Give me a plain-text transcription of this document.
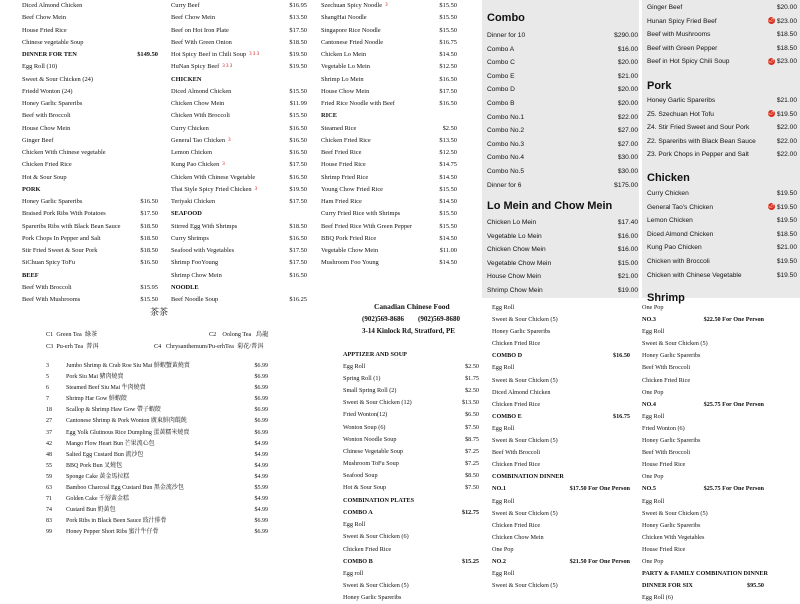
Diced Almond Chicken
Beef Chow Mein
House Fried Rice
Chinese vegetable Soup
DINNER FOR TEN	$149.50
Egg Roll (10)
Sweet & Sour Chicken (24)
Friedd Wonton (24)
Honey Garlic Spareribs
Beef with Broccoli
House Chow Mein
Ginger Beef
Chicken With Chinese vegetable
Chicken Fried Rice
Hot & Sour Soup
PORK
Honey Garlic Spareribs	$16.50
Braised Pork Ribs With Potatoes	$17.50
Spareribs Ribs with Black Bean Sauce	$18.50
Pork Chops In Pepper and Salt	$18.50
Stir Fried Sweet & Sour Pork	$18.50
SiChuan Spicy ToFu	$16.50
BEEF
Beef With Broccoli	$15.95
Beef With Mushrooms	$15.50
Curry Beef	$16.95
Beef Chow Mein	$13.50
Beef on Hot Iron Plate	$17.50
Beef With Green Onion	$18.50
Hot Spicy Beef in Chili Soup $^{3 3 3}$	$19.50
HuNan Spicy Beef $^{3 3 3}$	$19.50
CHICKEN
Diced Almond Chicken	$15.50
Chicken Chow Mein	$11.99
Chicken With Broccoli	$15.50
Curry Chicken	$16.50
General Tao Chicken $^3$	$16.50
Lemon Chicken	$16.50
Kung Pao Chicken $^3$	$17.50
Chicken With Chinese Vegetable	$16.50
Thai Style Spicy Fried Chicken $^3$	$19.50
Teriyaki Chicken	$17.50
SEAFOOD
Stirred Egg With Shrimps	$18.50
Curry Shrimps	$16.50
Seafood with Vegetables	$17.50
Shrimp FooYoung	$17.50
Shrimp Chow Mein	$16.50
NOODLE
Beef Noodle Soup	$16.25
Szechuan Spicy Noodle $^3$	$15.50
ShangHai Noodle	$15.50
Singapore Rice Noodle	$15.50
Cantonese Fried Noodle	$16.75
Chicken Lo Mein	$14.50
Vegetable Lo Mein	$12.50
Shrimp Lo Mein	$16.50
House Chow Mein	$17.50
Fried Rice Noodle with Beef	$16.50
RICE
Steamed Rice	$2.50
Chicken Fried Rice	$13.50
Beef Fried Rice	$12.50
House Fried Rice	$14.75
Shrimp Fried Rice	$14.50
Young Chow Fried Rice	$15.50
Ham Fried Rice	$14.50
Curry Fried Rice with Shrimps	$15.50
Beef Fried Rice With Green Pepper	$15.50
BBQ Pork Fried Rice	$14.50
Vegetable Chow Mein	$11.00
Mushroom Foo Young	$14.50
茶茶
C1 Green Tea 綠茶	C2 Oolong Tea 烏龍
C3 Pu-erh Tea 普洱	C4 Chrysanthemum/Pu-erhTea 菊花/普洱
3	Jumbo Shrimp & Crab Roe Siu Mai 鮮蝦蟹黃燒賣	$6.99
5	Pork Siu Mai 豬肉燒賣	$6.99
6	Steamed Beef Siu Mai 牛肉燒賣	$6.99
7	Shrimp Har Gow 鮮蝦餃	$6.99
18 Scallop & Shrimp Haw Gow 帶子蝦餃	$6.99
27 Cantonese Shrimp & Pork Wonton 廣東鮮肉餛飩	$6.99
37 Egg Yolk Glutinous Rice Dumpling 蛋黃糯米燒賣	$6.99
42 Mango Flow Heart Bun 芒果流心包	$4.99
48 Salted Egg Custard Bun 流沙包	$4.99
55 BBQ Pork Bun 叉燒包	$4.99
59 Sponge Cake 黃金馬拉糕	$4.99
63 Bamboo Charcoal Egg Custard Bun 黑金流沙包	$5.99
71 Golden Cake 千層黃金糕	$4.99
74 Custard Bun 奶黃包	$4.99
83 Pork Ribs in Black Been Sauce 豉汁排骨	$6.99
99 Honey Pepper Short Ribs 蜜汁牛仔骨	$6.99
Canadian Chinese Food
(902)569-8686 (902)569-8680
3-14 Kinlock Rd, Stratford, PE
APPTIZER AND SOUP
Egg Roll	$2.50
Spring Roll (1)	$1.75
Small Spring Roll (2)	$2.50
Sweet & Sour Chicken (12)	$13.50
Fried Wonton(12)	$6.50
Wonton Soup (6)	$7.50
Wonton Noodle Soup	$8.75
Chinese Vegetable Soup	$7.25
Mushroom ToFu Soup	$7.25
Seafood Soup	$8.50
Hot & Sour Soup	$7.50
COMBINATION PLATES
COMBO A	$12.75
Egg Roll
Sweet & Sour Chicken (6)
Chicken Fried Rice
COMBO B	$15.25
Egg roll
Sweet & Sour Chicken (5)
Honey Garlic Spareribs
Egg Roll
Sweet & Sour Chicken (5)
Honey Garlic Spareribs
Chicken Fried Rice
COMBO D	$16.50
Egg Roll
Sweet & Sour Chicken (5)
Diced Almond Chicken
Chicken Fried Rice
COMBO E	$16.75
Egg Roll
Sweet & Sour Chicken (5)
Beef With Broccoli
Chicken Fried Rice
COMBINATION DINNER
NO.1	$17.50 For One Person
Egg Roll
Sweet & Sour Chicken (5)
Chicken Fried Rice
Chicken Chow Mein
One Pop
NO.2	$21.50 For One Person
Egg Roll
Sweet & Sour Chicken (5)
One Pop
NO.3	$22.50 For One Person
Egg Roll
Sweet & Sour Chicken (5)
Honey Garlic Spareribs
Beef With Broccoli
Chicken Fried Rice
One Pop
NO.4	$25.75 For One Person
Egg Roll
Fried Wonton (6)
Honey Garlic Spareribs
Beef With Broccoli
House Fried Rice
One Pop
NO.5	$25.75 For One Person
Egg Roll
Sweet & Sour Chicken (5)
Honey Garlic Spareribs
Chicken With Vegetables
House Fried Rice
One Pop
PARTY & FAMILY COMBINATION DINNER
DINNER FOR SIX	$95.50
Egg Roll (6)
Combo
Dinner for 10	$290.00
Combo A	$16.00
Combo C	$20.00
Combo E	$21.00
Combo D	$20.00
Combo B	$20.00
Combo No.1	$22.00
Combo No.2	$27.00
Combo No.3	$27.00
Combo No.4	$30.00
Combo No.5	$30.00
Dinner for 6	$175.00
Lo Mein and Chow Mein
Chicken Lo Mein	$17.40
Vegetable Lo Mein	$16.00
Chicken Chow Mein	$16.00
Vegetable Chow Mein	$15.00
House Chow Mein	$21.00
Shrimp Chow Mein	$19.00
Ginger Beef	$20.00
Hunan Spicy Fried Beef	🌶 $23.00
Beef with Mushrooms	$18.50
Beef with Green Pepper	$18.50
Beef in Hot Spicy Chili Soup	🌶 $23.00
Pork
Honey Garlic Spareribs	$21.00
Z5. Szechuan Hot Tofu	🌶 $19.50
Z4. Stir Fried Sweet and Sour Pork	$22.00
Z2. Spareribs with Black Bean Sauce	$22.00
Z3. Pork Chops in Pepper and Salt	$22.00
Chicken
Curry Chicken	$19.50
General Tao's Chicken	🌶 $19.50
Lemon Chicken	$19.50
Diced Almond Chicken	$18.50
Kung Pao Chicken	$21.00
Chicken with Broccoli	$19.50
Chicken with Chinese Vegetable	$19.50
Shrimp
